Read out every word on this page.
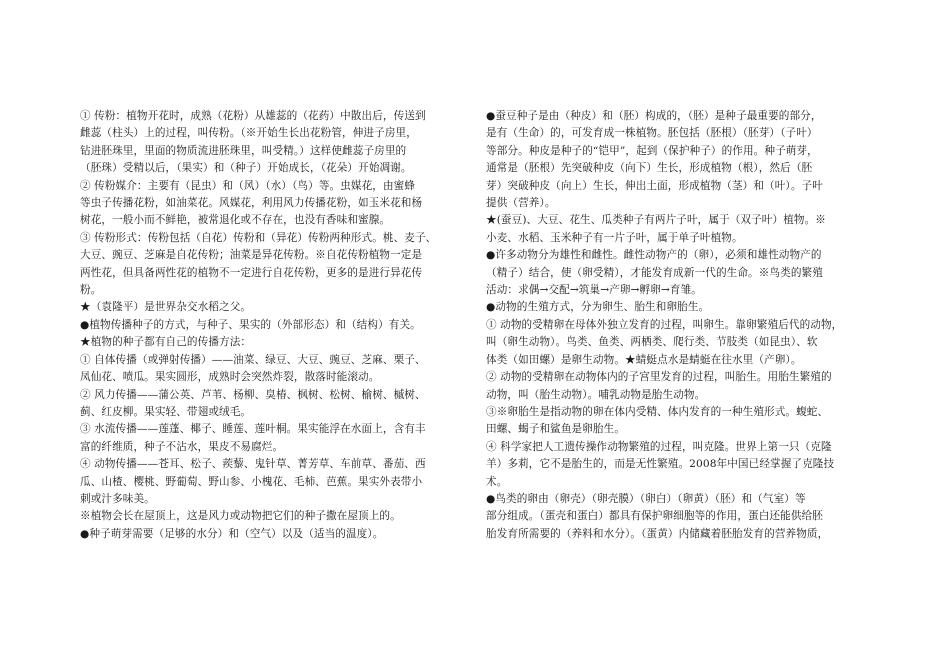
① 传粉：植物开花时，成熟（花粉）从雄蕊的（花药）中散出后，传送到

雌蕊（柱头）上的过程，叫传粉。（※开始生长出花粉管，伸进子房里，

钻进胚珠里，里面的物质流进胚珠里，叫受精。）这样使雌蕊子房里的

（胚珠）受精以后，（果实）和（种子）开始成长，（花朵）开始凋谢。

② 传粉媒介：主要有（昆虫）和（风）（水）（鸟）等。虫媒花，由蜜蜂

等虫子传播花粉，如油菜花。风媒花，利用风力传播花粉，如玉米花和杨

树花，一般小而不鲜艳，被常退化或不存在，也没有香味和蜜腺。

③ 传粉形式：传粉包括（自花）传粉和（异花）传粉两种形式。桃、麦子、

大豆、豌豆、芝麻是自花传粉；油菜是异花传粉。※自花传粉植物一定是

两性花，但具备两性花的植物不一定进行自花传粉，更多的是进行异花传

粉。

★（袁隆平）是世界杂交水稻之父。

●植物传播种子的方式，与种子、果实的（外部形态）和（结构）有关。

★植物的种子都有自己的传播方法：

① 自体传播（或弹射传播）——油菜、绿豆、大豆、豌豆、芝麻、栗子、

凤仙花、喷瓜。果实圆形，成熟时会突然炸裂，散落时能滚动。

② 风力传播——蒲公英、芦苇、杨柳、臭椿、枫树、松树、榆树、槭树、

蓟、红皮柳。果实轻、带翅或绒毛。

③ 水流传播——莲蓬、椰子、睡莲、莲叶桐。果实能浮在水面上，含有丰

富的纤维质，种子不沾水，果皮不易腐烂。

④ 动物传播——苍耳、松子、蒺藜、鬼针草、菁芳草、车前草、番茄、西

瓜、山楂、樱桃、野葡萄、野山参、小槐花、毛柿、芭蕉。果实外表带小

刺或汁多味美。

※植物会长在屋顶上，这是风力或动物把它们的种子撒在屋顶上的。

●种子萌芽需要（足够的水分）和（空气）以及（适当的温度）。

●蚕豆种子是由（种皮）和（胚）构成的，（胚）是种子最重要的部分，

是有（生命）的，可发育成一株植物。胚包括（胚根）（胚芽）（子叶）

等部分。种皮是种子的“铠甲”，起到（保护种子）的作用。种子萌芽，

通常是（胚根）先突破种皮（向下）生长，形成植物（根），然后（胚

芽）突破种皮（向上）生长，伸出土面，形成植物（茎）和（叶）。子叶

提供（营养）。

★(蚕豆)、大豆、花生、瓜类种子有两片子叶，属于（双子叶）植物。※

小麦、水稻、玉米种子有一片子叶，属于单子叶植物。

●许多动物分为雄性和雌性。雌性动物产的（卵），必须和雄性动物产的

（精子）结合，使（卵受精），才能发育成新一代的生命。※鸟类的繁殖

活动：求偶→交配→筑巢→产卵→孵卵→育雏。

●动物的生殖方式，分为卵生、胎生和卵胎生。

① 动物的受精卵在母体外独立发育的过程，叫卵生。靠卵繁殖后代的动物，

叫（卵生动物）。鸟类、鱼类、两栖类、爬行类、节肢类（如昆虫）、软

体类（如田螺）是卵生动物。★蜻蜓点水是蜻蜓在往水里（产卵）。

② 动物的受精卵在动物体内的子宫里发育的过程，叫胎生。用胎生繁殖的

动物，叫（胎生动物）。哺乳动物是胎生动物。

③※卵胎生是指动物的卵在体内受精、体内发育的一种生殖形式。蝮蛇、

田螺、蝎子和鲨鱼是卵胎生。

④ 科学家把人工遗传操作动物繁殖的过程，叫克隆。世界上第一只（克隆

羊）多莉，它不是胎生的，而是无性繁殖。2008年中国已经掌握了克隆技

术。

●鸟类的卵由（卵壳）（卵壳膜）（卵白）（卵黄）（胚）和（气室）等

部分组成。（蛋壳和蛋白）都具有保护卵细胞等的作用，蛋白还能供给胚

胎发育所需要的（养料和水分）。（蛋黄）内储藏着胚胎发育的营养物质，
